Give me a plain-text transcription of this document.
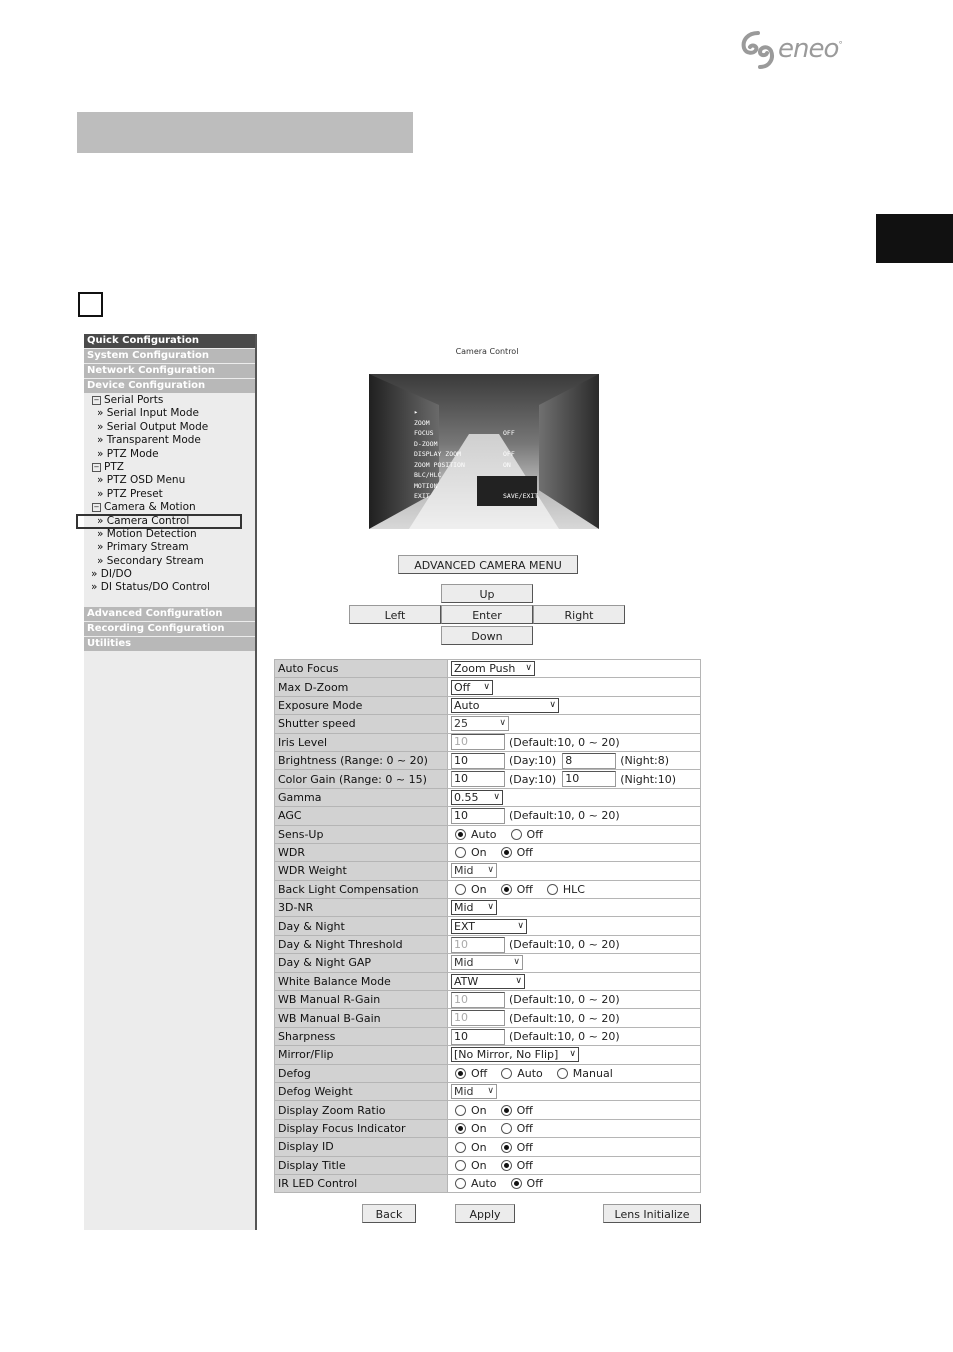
eneo°
Quick Configuration
System Configuration
Network Configuration
Device Configuration
− Serial Ports
» Serial Input Mode
» Serial Output Mode
» Transparent Mode
» PTZ Mode
− PTZ
» PTZ OSD Menu
» PTZ Preset
− Camera & Motion
» Camera Control
» Motion Detection
» Primary Stream
» Secondary Stream
» DI/DO
» DI Status/DO Control
Advanced Configuration
Recording Configuration
Utilities
Camera Control
▸
ZOOM
FOCUS
D-ZOOM
DISPLAY ZOOM
ZOOM POSITION
BLC/HLC
MOTION
EXIT

OFF

OFF
ON

SAVE/EXIT
ADVANCED CAMERA MENU
Up
Left	Enter	Right
Down
Auto Focus	Zoom Push ∨

Max D-Zoom	Off ∨

Exposure Mode	Auto ∨

Shutter speed	25 ∨

Iris Level	10 (Default:10, 0 ~ 20)
Brightness (Range: 0 ~ 20)	10 (Day:10) 8 (Night:8)
Color Gain (Range: 0 ~ 15)	10 (Day:10) 10 (Night:10)
Gamma	0.55 ∨

AGC	10 (Default:10, 0 ~ 20)
Sens-Up	Auto Off
WDR	On Off
WDR Weight	Mid ∨

Back Light Compensation	On Off HLC
3D-NR	Mid ∨

Day & Night	EXT ∨

Day & Night Threshold	10 (Default:10, 0 ~ 20)
Day & Night GAP	Mid ∨

White Balance Mode	ATW ∨

WB Manual R-Gain	10 (Default:10, 0 ~ 20)
WB Manual B-Gain	10 (Default:10, 0 ~ 20)
Sharpness	10 (Default:10, 0 ~ 20)
Mirror/Flip	[No Mirror, No Flip] ∨

Defog	Off Auto Manual
Defog Weight	Mid ∨

Display Zoom Ratio	On Off
Display Focus Indicator	On Off
Display ID	On Off
Display Title	On Off
IR LED Control	Auto Off
Back	Apply	Lens Initialize
